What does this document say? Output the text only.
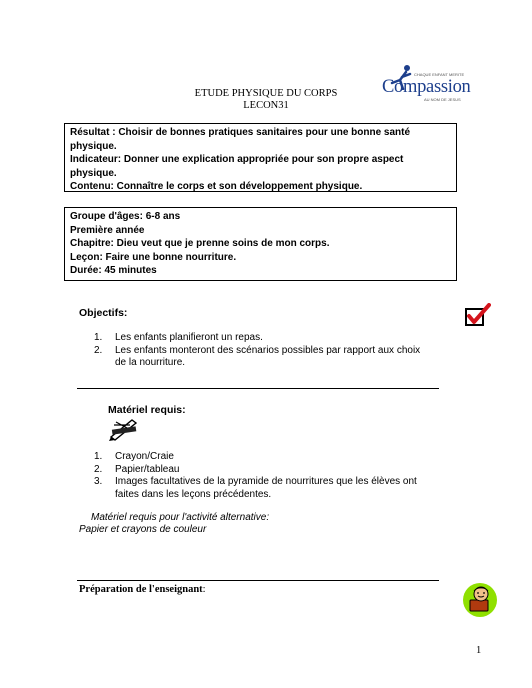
ETUDE PHYSIQUE DU CORPS
LECON31
CHAQUE ENFANT MERITE
Compassion
AU NOM DE JESUS

Résultat : Choisir de bonnes pratiques sanitaires pour une bonne santé

physique.

Indicateur: Donner une explication appropriée pour son propre aspect

physique.

Contenu: Connaître le corps et son développement physique.

Groupe d'âges: 6-8 ans

Première année

Chapitre: Dieu veut que je prenne soins de mon corps.

Leçon: Faire une bonne nourriture.

Durée: 45 minutes

Objectifs:
1. Les enfants planifieront un repas.
2. Les enfants monteront des scénarios possibles par rapport aux choix
de la nourriture.
Matériel requis:
1. Crayon/Craie
2. Papier/tableau
3. Images facultatives de la pyramide de nourritures que les élèves ont
faites dans les leçons précédentes.
Matériel requis pour l'activité alternative:
Papier et crayons de couleur
Préparation de l'enseignant:
1
